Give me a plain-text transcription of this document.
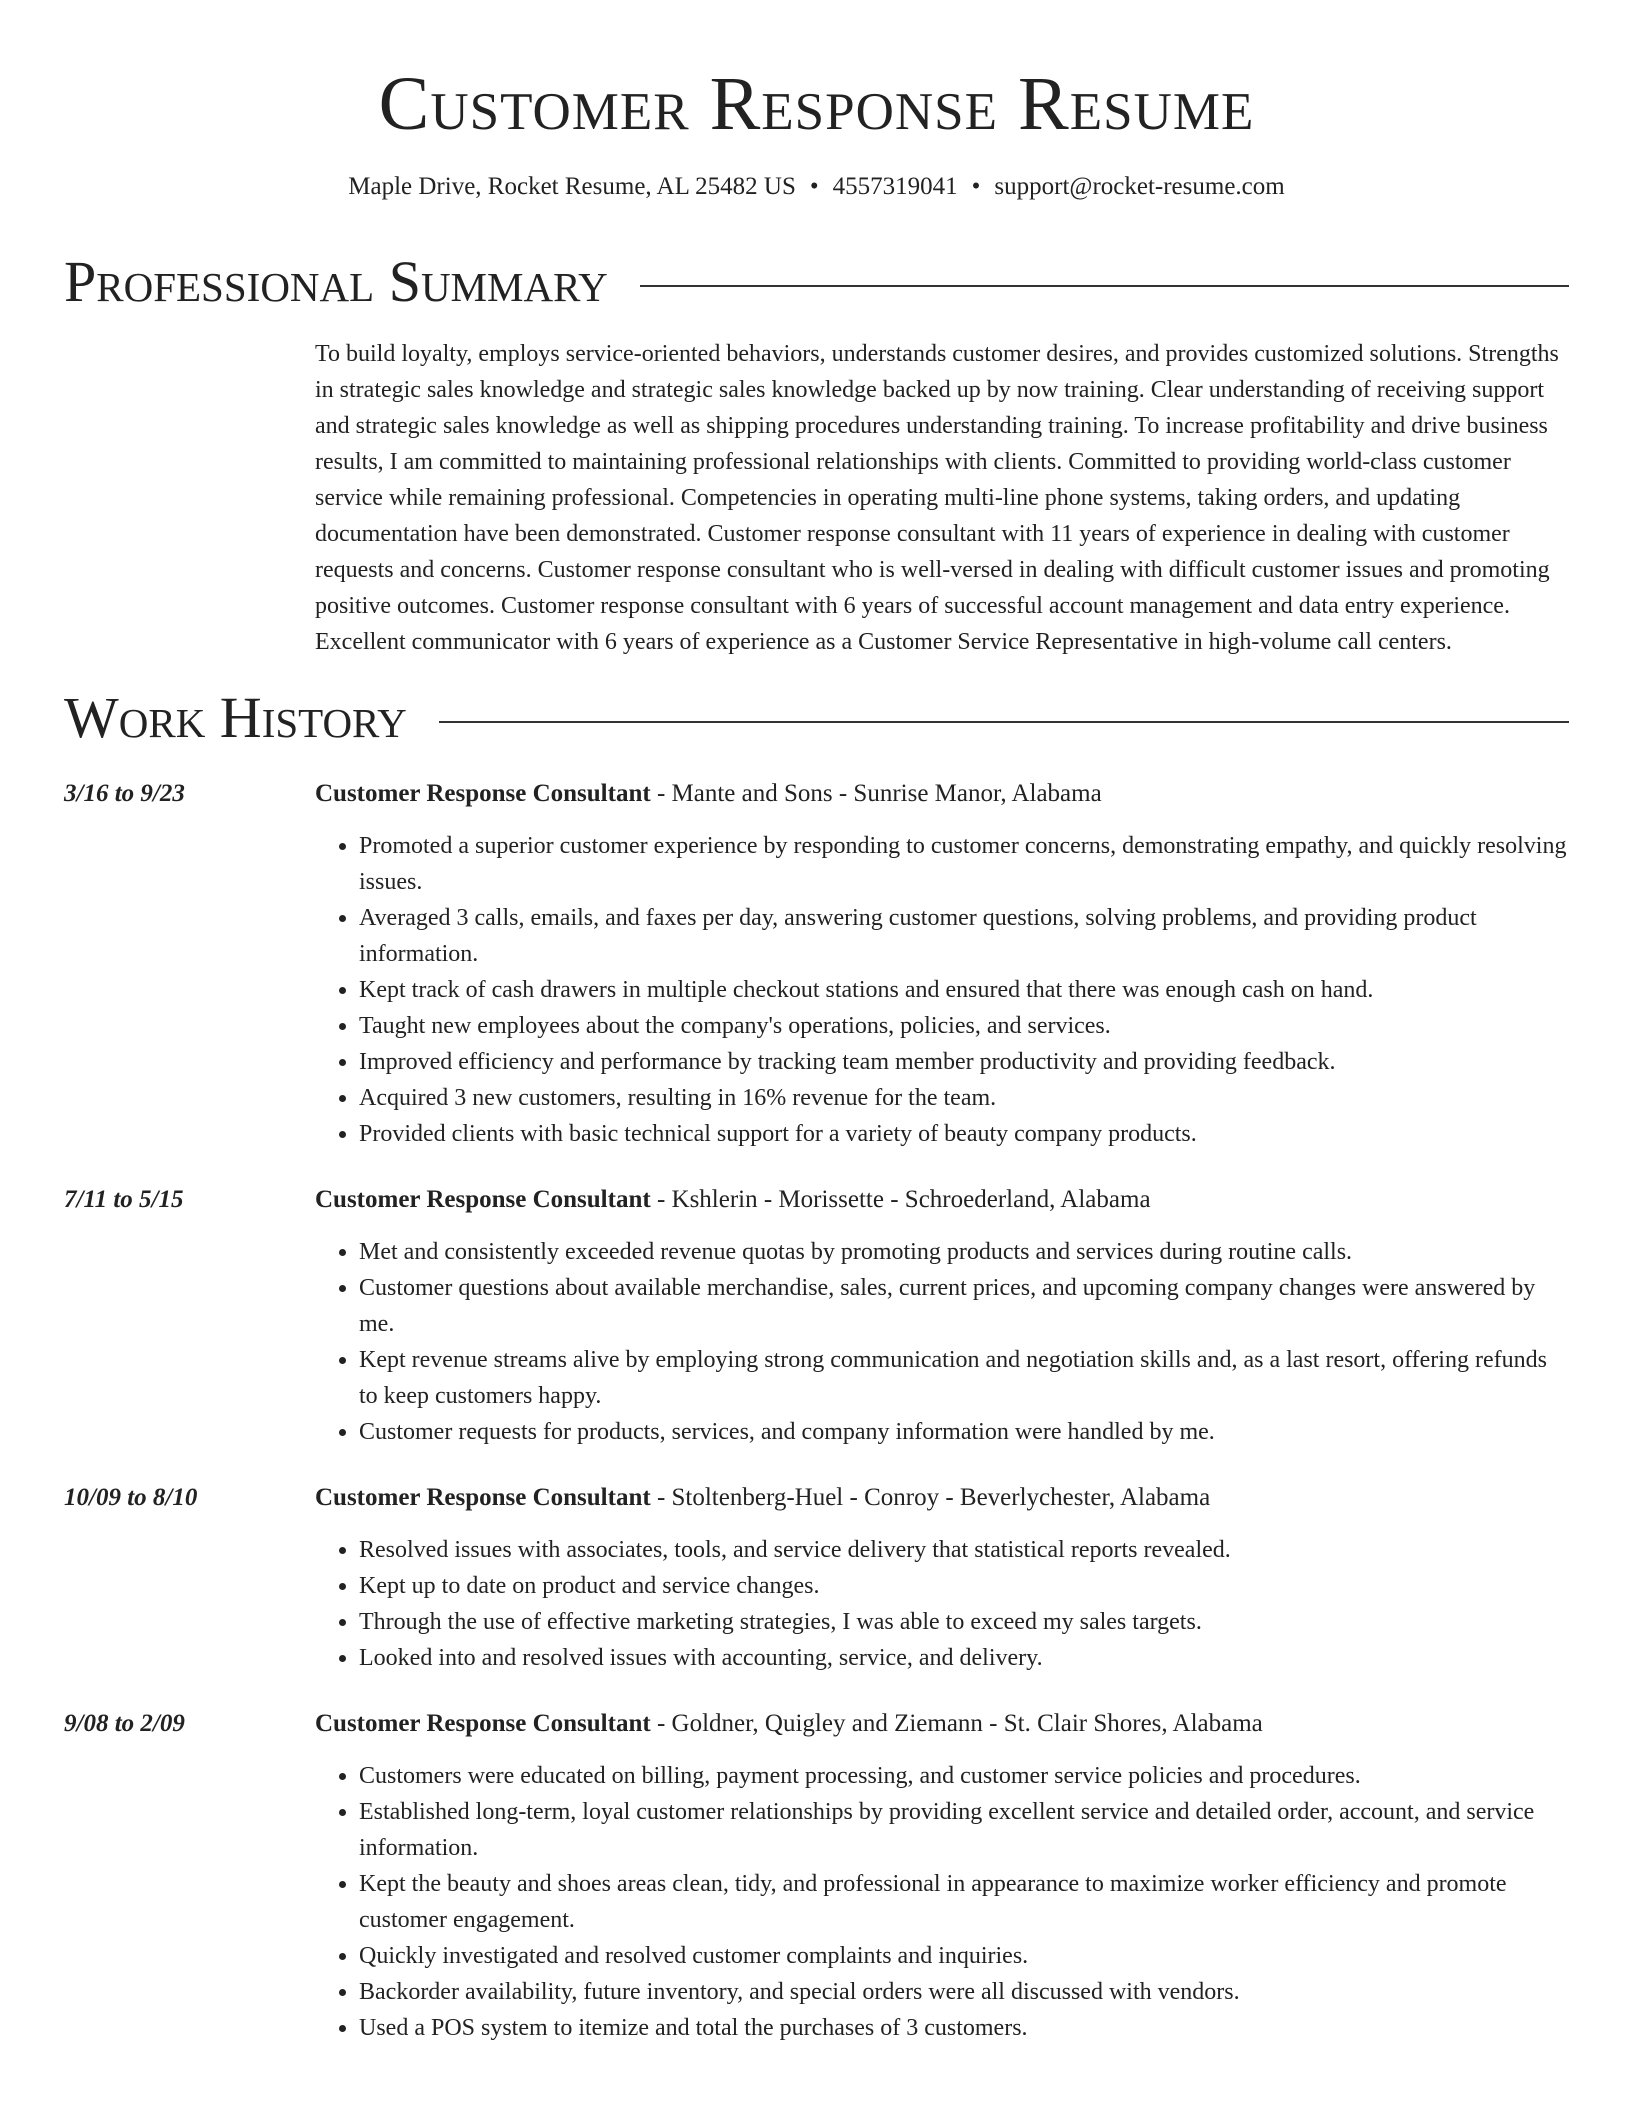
Customer Response Resume
Maple Drive, Rocket Resume, AL 25482 US • 4557319041 • support@rocket-resume.com
Professional Summary

To build loyalty, employs service-oriented behaviors, understands customer desires, and provides customized solutions. Strengths in strategic sales knowledge and strategic sales knowledge backed up by now training. Clear understanding of receiving support and strategic sales knowledge as well as shipping procedures understanding training. To increase profitability and drive business results, I am committed to maintaining professional relationships with clients. Committed to providing world-class customer service while remaining professional. Competencies in operating multi-line phone systems, taking orders, and updating documentation have been demonstrated. Customer response consultant with 11 years of experience in dealing with customer requests and concerns. Customer response consultant who is well-versed in dealing with difficult customer issues and promoting positive outcomes. Customer response consultant with 6 years of successful account management and data entry experience. Excellent communicator with 6 years of experience as a Customer Service Representative in high-volume call centers.

Work History
3/16 to 9/23	Customer Response Consultant - Mante and Sons - Sunrise Manor, Alabama
• Promoted a superior customer experience by responding to customer concerns, demonstrating empathy, and quickly resolving issues.
• Averaged 3 calls, emails, and faxes per day, answering customer questions, solving problems, and providing product information.
• Kept track of cash drawers in multiple checkout stations and ensured that there was enough cash on hand.
• Taught new employees about the company's operations, policies, and services.
• Improved efficiency and performance by tracking team member productivity and providing feedback.
• Acquired 3 new customers, resulting in 16% revenue for the team.
• Provided clients with basic technical support for a variety of beauty company products.
7/11 to 5/15	Customer Response Consultant - Kshlerin - Morissette - Schroederland, Alabama
• Met and consistently exceeded revenue quotas by promoting products and services during routine calls.
• Customer questions about available merchandise, sales, current prices, and upcoming company changes were answered by me.
• Kept revenue streams alive by employing strong communication and negotiation skills and, as a last resort, offering refunds to keep customers happy.
• Customer requests for products, services, and company information were handled by me.
10/09 to 8/10	Customer Response Consultant - Stoltenberg-Huel - Conroy - Beverlychester, Alabama
• Resolved issues with associates, tools, and service delivery that statistical reports revealed.
• Kept up to date on product and service changes.
• Through the use of effective marketing strategies, I was able to exceed my sales targets.
• Looked into and resolved issues with accounting, service, and delivery.
9/08 to 2/09	Customer Response Consultant - Goldner, Quigley and Ziemann - St. Clair Shores, Alabama
• Customers were educated on billing, payment processing, and customer service policies and procedures.
• Established long-term, loyal customer relationships by providing excellent service and detailed order, account, and service information.
• Kept the beauty and shoes areas clean, tidy, and professional in appearance to maximize worker efficiency and promote customer engagement.
• Quickly investigated and resolved customer complaints and inquiries.
• Backorder availability, future inventory, and special orders were all discussed with vendors.
• Used a POS system to itemize and total the purchases of 3 customers.
